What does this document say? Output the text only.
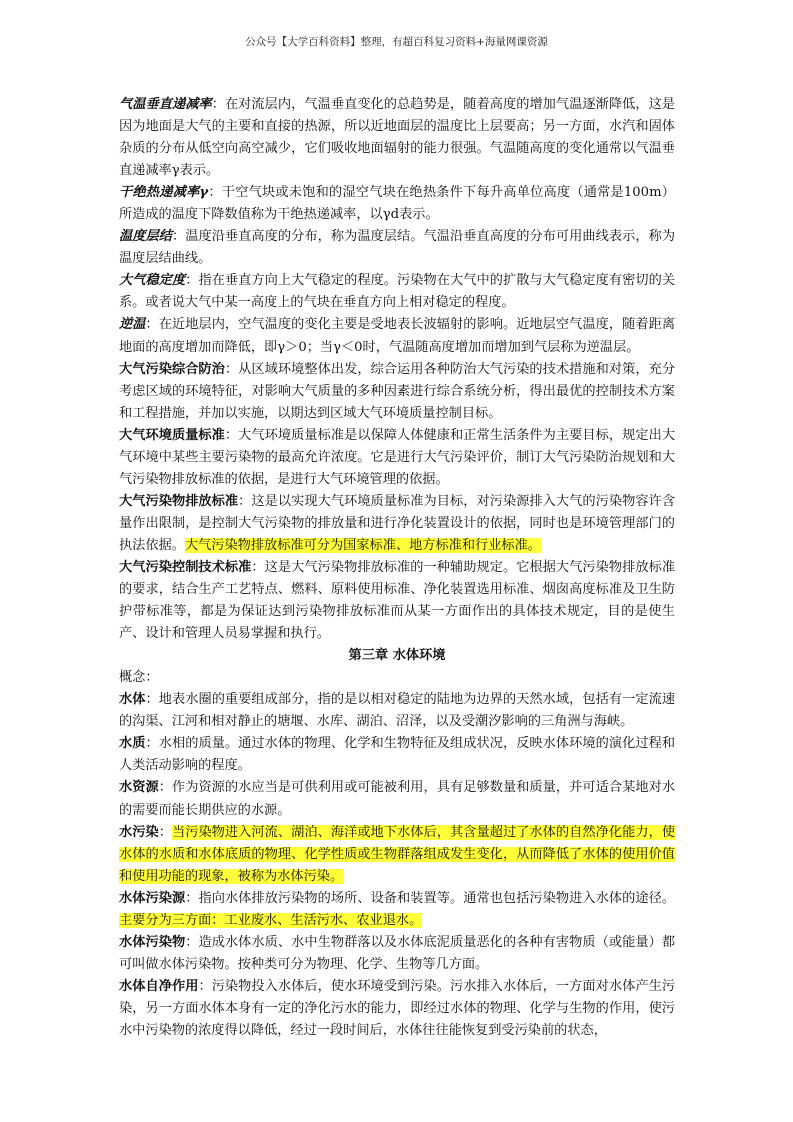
公众号【大学百科资料】整理，有超百科复习资料+海量网课资源

气温垂直递减率：在对流层内，气温垂直变化的总趋势是，随着高度的增加气温逐渐降低，这是因为地面是大气的主要和直接的热源，所以近地面层的温度比上层要高；另一方面，水汽和固体杂质的分布从低空向高空减少，它们吸收地面辐射的能力很强。气温随高度的变化通常以气温垂直递减率γ表示。

干绝热递减率γ：干空气块或未饱和的湿空气块在绝热条件下每升高单位高度（通常是100m）所造成的温度下降数值称为干绝热递减率，以γd表示。

温度层结：温度沿垂直高度的分布，称为温度层结。气温沿垂直高度的分布可用曲线表示，称为温度层结曲线。

大气稳定度：指在垂直方向上大气稳定的程度。污染物在大气中的扩散与大气稳定度有密切的关系。或者说大气中某一高度上的气块在垂直方向上相对稳定的程度。

逆温：在近地层内，空气温度的变化主要是受地表长波辐射的影响。近地层空气温度，随着距离地面的高度增加而降低，即γ＞0；当γ＜0时，气温随高度增加而增加到气层称为逆温层。

大气污染综合防治：从区域环境整体出发，综合运用各种防治大气污染的技术措施和对策，充分考虑区域的环境特征，对影响大气质量的多种因素进行综合系统分析，得出最优的控制技术方案和工程措施，并加以实施，以期达到区域大气环境质量控制目标。

大气环境质量标准：大气环境质量标准是以保障人体健康和正常生活条件为主要目标，规定出大气环境中某些主要污染物的最高允许浓度。它是进行大气污染评价，制订大气污染防治规划和大气污染物排放标准的依据，是进行大气环境管理的依据。

大气污染物排放标准：这是以实现大气环境质量标准为目标，对污染源排入大气的污染物容许含量作出限制，是控制大气污染物的排放量和进行净化装置设计的依据，同时也是环境管理部门的执法依据。大气污染物排放标准可分为国家标准、地方标准和行业标准。

大气污染控制技术标准：这是大气污染物排放标准的一种辅助规定。它根据大气污染物排放标准的要求，结合生产工艺特点、燃料、原料使用标准、净化装置选用标准、烟囱高度标准及卫生防护带标准等，都是为保证达到污染物排放标准而从某一方面作出的具体技术规定，目的是使生产、设计和管理人员易掌握和执行。

第三章 水体环境

概念：

水体：地表水圈的重要组成部分，指的是以相对稳定的陆地为边界的天然水域，包括有一定流速的沟渠、江河和相对静止的塘堰、水库、湖泊、沼泽，以及受潮汐影响的三角洲与海峡。

水质：水相的质量。通过水体的物理、化学和生物特征及组成状况，反映水体环境的演化过程和人类活动影响的程度。

水资源：作为资源的水应当是可供利用或可能被利用，具有足够数量和质量，并可适合某地对水的需要而能长期供应的水源。

水污染：当污染物进入河流、湖泊、海洋或地下水体后，其含量超过了水体的自然净化能力，使水体的水质和水体底质的物理、化学性质或生物群落组成发生变化，从而降低了水体的使用价值和使用功能的现象，被称为水体污染。

水体污染源：指向水体排放污染物的场所、设备和装置等。通常也包括污染物进入水体的途径。主要分为三方面：工业废水、生活污水、农业退水。

水体污染物：造成水体水质、水中生物群落以及水体底泥质量恶化的各种有害物质（或能量）都可叫做水体污染物。按种类可分为物理、化学、生物等几方面。

水体自净作用：污染物投入水体后，使水环境受到污染。污水排入水体后，一方面对水体产生污染，另一方面水体本身有一定的净化污水的能力，即经过水体的物理、化学与生物的作用，使污水中污染物的浓度得以降低，经过一段时间后，水体往往能恢复到受污染前的状态，
